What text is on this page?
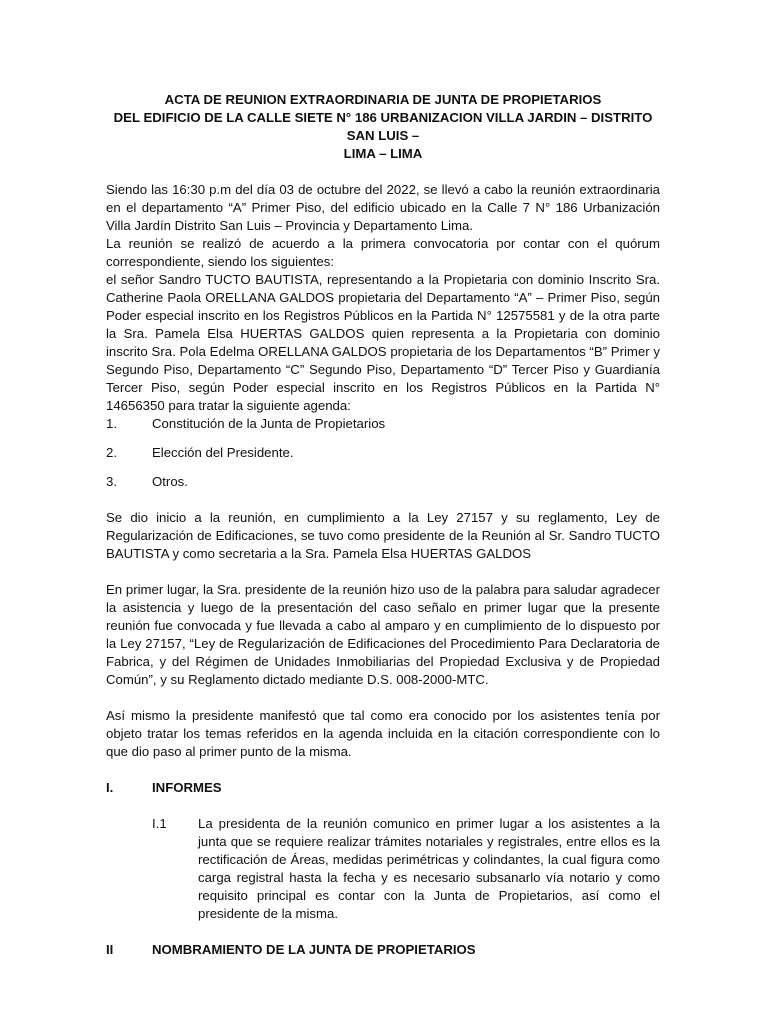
ACTA DE REUNION EXTRAORDINARIA DE JUNTA DE PROPIETARIOS

DEL EDIFICIO DE LA CALLE SIETE N° 186 URBANIZACION VILLA JARDIN – DISTRITO SAN LUIS –

LIMA – LIMA

Siendo las 16:30 p.m del día 03 de octubre del 2022, se llevó a cabo la reunión extraordinaria en el departamento “A” Primer Piso, del edificio ubicado en la Calle 7 N° 186 Urbanización Villa Jardín Distrito San Luis – Provincia y Departamento Lima.

La reunión se realizó de acuerdo a la primera convocatoria por contar con el quórum correspondiente, siendo los siguientes:

el señor Sandro TUCTO BAUTISTA, representando a la Propietaria con dominio Inscrito Sra. Catherine Paola ORELLANA GALDOS propietaria del Departamento “A” – Primer Piso, según Poder especial inscrito en los Registros Públicos en la Partida N° 12575581 y de la otra parte la Sra. Pamela Elsa HUERTAS GALDOS quien representa a la Propietaria con dominio inscrito Sra. Pola Edelma ORELLANA GALDOS propietaria de los Departamentos “B” Primer y Segundo Piso, Departamento “C” Segundo Piso, Departamento “D” Tercer Piso y Guardianía Tercer Piso, según Poder especial inscrito en los Registros Públicos en la Partida N° 14656350 para tratar la siguiente agenda:

1.	Constitución de la Junta de Propietarios
2.	Elección del Presidente.
3.	Otros.

Se dio inicio a la reunión, en cumplimiento a la Ley 27157 y su reglamento, Ley de Regularización de Edificaciones, se tuvo como presidente de la Reunión al Sr. Sandro TUCTO BAUTISTA y como secretaria a la Sra. Pamela Elsa HUERTAS GALDOS

En primer lugar, la Sra. presidente de la reunión hizo uso de la palabra para saludar agradecer la asistencia y luego de la presentación del caso señalo en primer lugar que la presente reunión fue convocada y fue llevada a cabo al amparo y en cumplimiento de lo dispuesto por la Ley 27157, “Ley de Regularización de Edificaciones del Procedimiento Para Declaratoria de Fabrica, y del Régimen de Unidades Inmobiliarias del Propiedad Exclusiva y de Propiedad Común”, y su Reglamento dictado mediante D.S. 008-2000-MTC.

Así mismo la presidente manifestó que tal como era conocido por los asistentes tenía por objeto tratar los temas referidos en la agenda incluida en la citación correspondiente con lo que dio paso al primer punto de la misma.

I.	INFORMES
I.1	La presidenta de la reunión comunico en primer lugar a los asistentes a la junta que se requiere realizar trámites notariales y registrales, entre ellos es la rectificación de Áreas, medidas perimétricas y colindantes, la cual figura como carga registral hasta la fecha y es necesario subsanarlo vía notario y como requisito principal es contar con la Junta de Propietarios, así como el presidente de la misma.
II	NOMBRAMIENTO DE LA JUNTA DE PROPIETARIOS
